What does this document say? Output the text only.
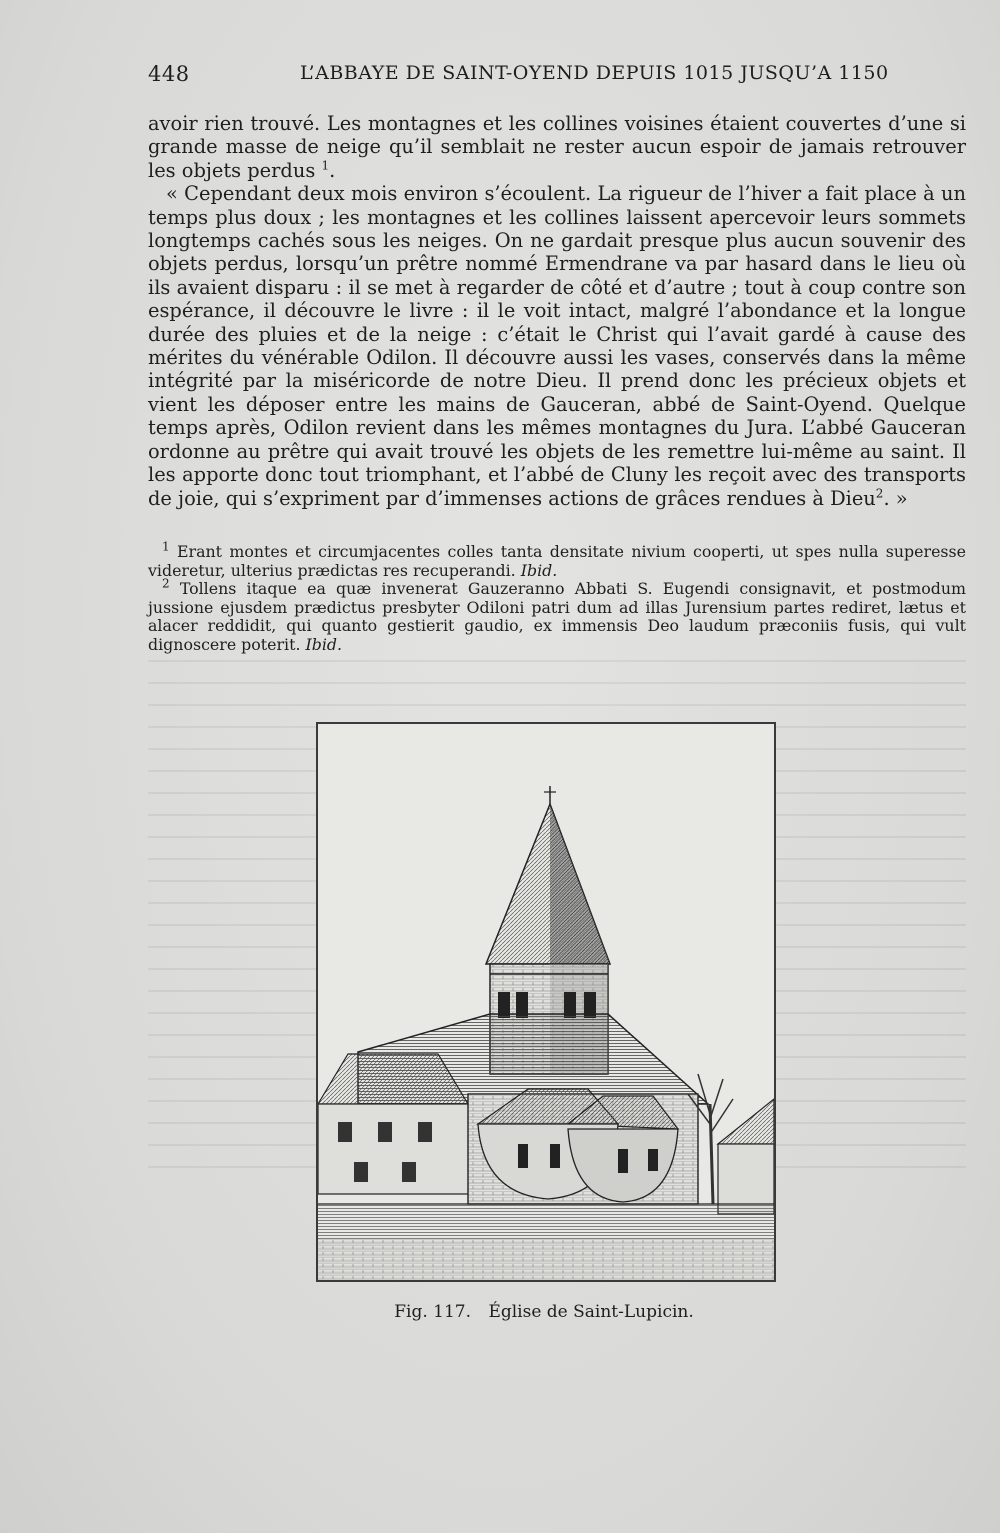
448	L’ABBAYE DE SAINT-OYEND DEPUIS 1015 JUSQU’A 1150

avoir rien trouvé. Les montagnes et les collines voisines étaient couvertes d’une si grande masse de neige qu’il semblait ne rester aucun espoir de jamais retrouver les objets perdus $^1$.

« Cependant deux mois environ s’écoulent. La rigueur de l’hiver a fait place à un temps plus doux ; les montagnes et les collines laissent apercevoir leurs sommets longtemps cachés sous les neiges. On ne gardait presque plus aucun souvenir des objets perdus, lorsqu’un prêtre nommé Ermendrane va par hasard dans le lieu où ils avaient disparu : il se met à regarder de côté et d’autre ; tout à coup contre son espérance, il découvre le livre : il le voit intact, malgré l’abondance et la longue durée des pluies et de la neige : c’était le Christ qui l’avait gardé à cause des mérites du vénérable Odilon. Il découvre aussi les vases, conservés dans la même intégrité par la miséricorde de notre Dieu. Il prend donc les précieux objets et vient les déposer entre les mains de Gauceran, abbé de Saint-Oyend. Quelque temps après, Odilon revient dans les mêmes montagnes du Jura. L’abbé Gauceran ordonne au prêtre qui avait trouvé les objets de les remettre lui-même au saint. Il les apporte donc tout triomphant, et l’abbé de Cluny les reçoit avec des transports de joie, qui s’expriment par d’immenses actions de grâces rendues à Dieu$^2$. »

$^1$ Erant montes et circumjacentes colles tanta densitate nivium cooperti, ut spes nulla superesse videretur, ulterius prædictas res recuperandi. Ibid.

$^2$ Tollens itaque ea quæ invenerat Gauzeranno Abbati S. Eugendi consignavit, et postmodum jussione ejusdem prædictus presbyter Odiloni patri dum ad illas Jurensium partes rediret, lætus et alacer reddidit, qui quanto gestierit gaudio, ex immensis Deo laudum præconiis fusis, qui vult dignoscere poterit. Ibid.

Fig. 117. Église de Saint-Lupicin.
